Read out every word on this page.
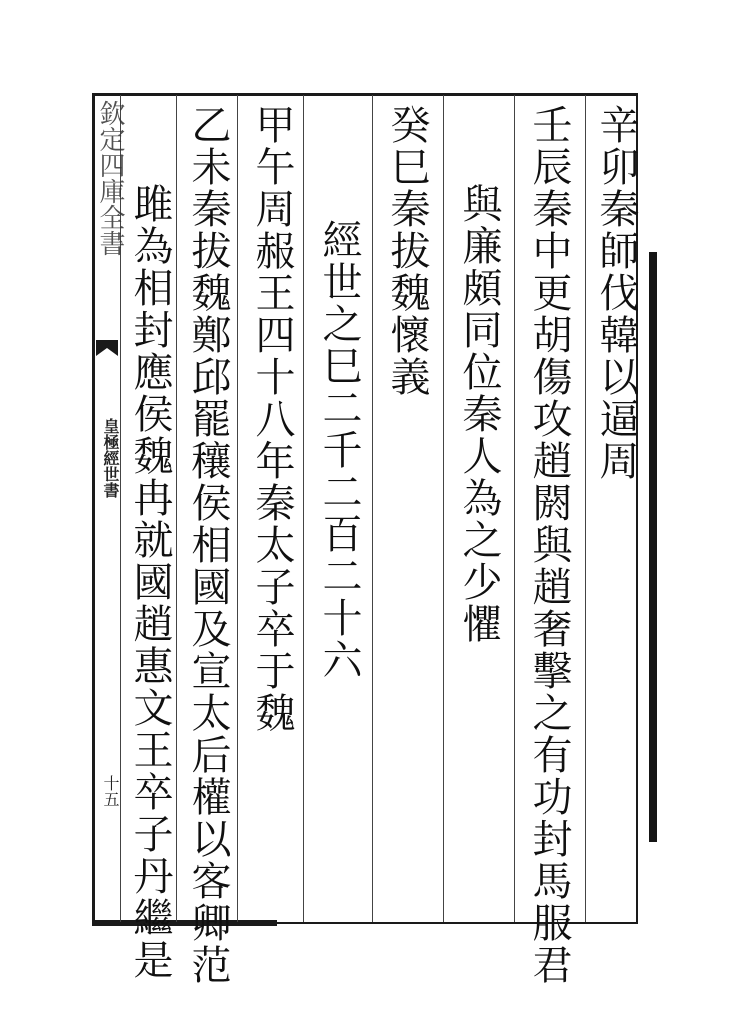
欽定四庫全書
皇極經世書
十五
辛卯秦師伐韓以逼周
壬辰秦中更胡傷攻趙閼與趙奢擊之有功封馬服君
與廉頗同位秦人為之少懼
癸巳秦拔魏懷義
經世之巳二千二百二十六
甲午周赧王四十八年秦太子卒于魏
乙未秦拔魏鄭邱罷穰侯相國及宣太后權以客卿范
雎為相封應侯魏冉就國趙惠文王卒子丹繼是
